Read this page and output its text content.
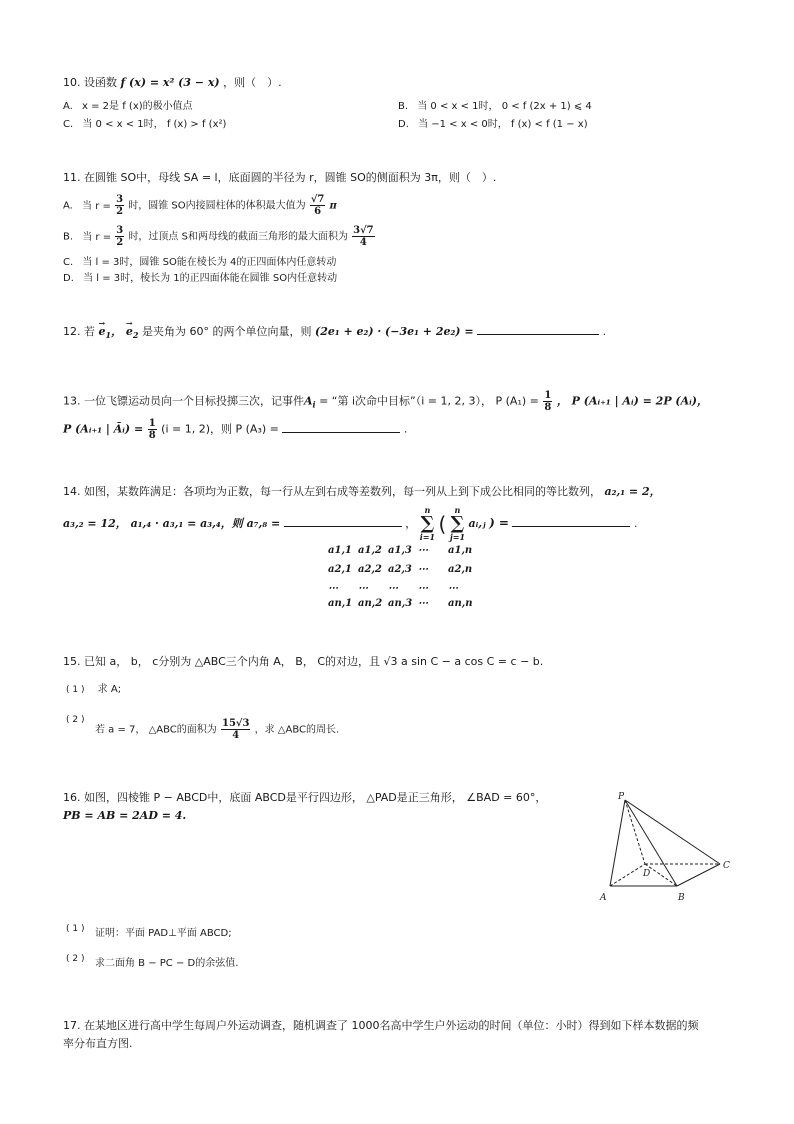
10. 设函数 f (x) = x² (3 − x) ，则（　）.
A. x = 2是 f (x)的极小值点	B. 当 0 < x < 1时， 0 < f (2x + 1) ⩽ 4
C. 当 0 < x < 1时， f (x) > f (x²)	D. 当 −1 < x < 0时， f (x) < f (1 − x)
11. 在圆锥 SO中，母线 SA = l，底面圆的半径为 r，圆锥 SO的侧面积为 3π，则（　）.
A. 当 $r = \frac{3}{2}$ 时，圆锥 SO内接圆柱体的体积最大值为 $\frac{√7}{6}$ π
B. 当 $r = \frac{3}{2}$ 时，过顶点 S和两母线的截面三角形的最大面积为 $\frac{3√7}{4}$
C. 当 l = 3时，圆锥 SO能在棱长为 4的正四面体内任意转动
D. 当 l = 3时，棱长为 1的正四面体能在圆锥 SO内任意转动
12. 若 → $e_1$， → $e_2$ 是夹角为 60° 的两个单位向量，则 (2e₁ + e₂) · (−3e₁ + 2e₂) =	.
13. 一位飞镖运动员向一个目标投掷三次，记事件$A_i$ = “第 i次命中目标”（i = 1, 2, 3）， P $(A_1) = \frac{1}{8}$ ， P (Aᵢ₊₁ | Aᵢ) = 2P (Aᵢ)，
P (Aᵢ₊₁ | Āᵢ) = $\frac{1}{8} (i = 1$, 2)，则 P (A₃) =	.
14. 如图，某数阵满足：各项均为正数，每一行从左到右成等差数列，每一列从上到下成公比相同的等比数列， a₂,₁ = 2，
a₃,₂ = 12， a₁,₄ · a₃,₁ = a₃,₄，则 a₇,₈ =	，
n
∑
i=1
(
n
∑
j=1
aᵢ,ⱼ ) =	.
a1,1 a1,2 a1,3 ⋯ a1,n
a2,1 a2,2 a2,3 ⋯ a2,n
⋯ ⋯ ⋯ ⋯ ⋯
an,1 an,2 an,3 ⋯ an,n
15. 已知 a， b， c分别为 △ABC三个内角 A， B， C的对边，且 √3 a sin C − a cos C = c − b.
( 1 ) 求 A;
( 2 )
若 a = 7， △ABC的面积为 $\frac{15√3}{4}$ ，求 △ABC的周长.
16. 如图，四棱锥 P − ABCD中，底面 ABCD是平行四边形， △PAD是正三角形， ∠BAD = 60°，
PB = AB = 2AD = 4.
P
A	B
C
D
( 1 )	证明：平面 PAD⊥平面 ABCD;
( 2 )	求二面角 B − PC − D的余弦值.
17. 在某地区进行高中学生每周户外运动调查，随机调查了 1000名高中学生户外运动的时间（单位：小时）得到如下样本数据的频
率分布直方图.
